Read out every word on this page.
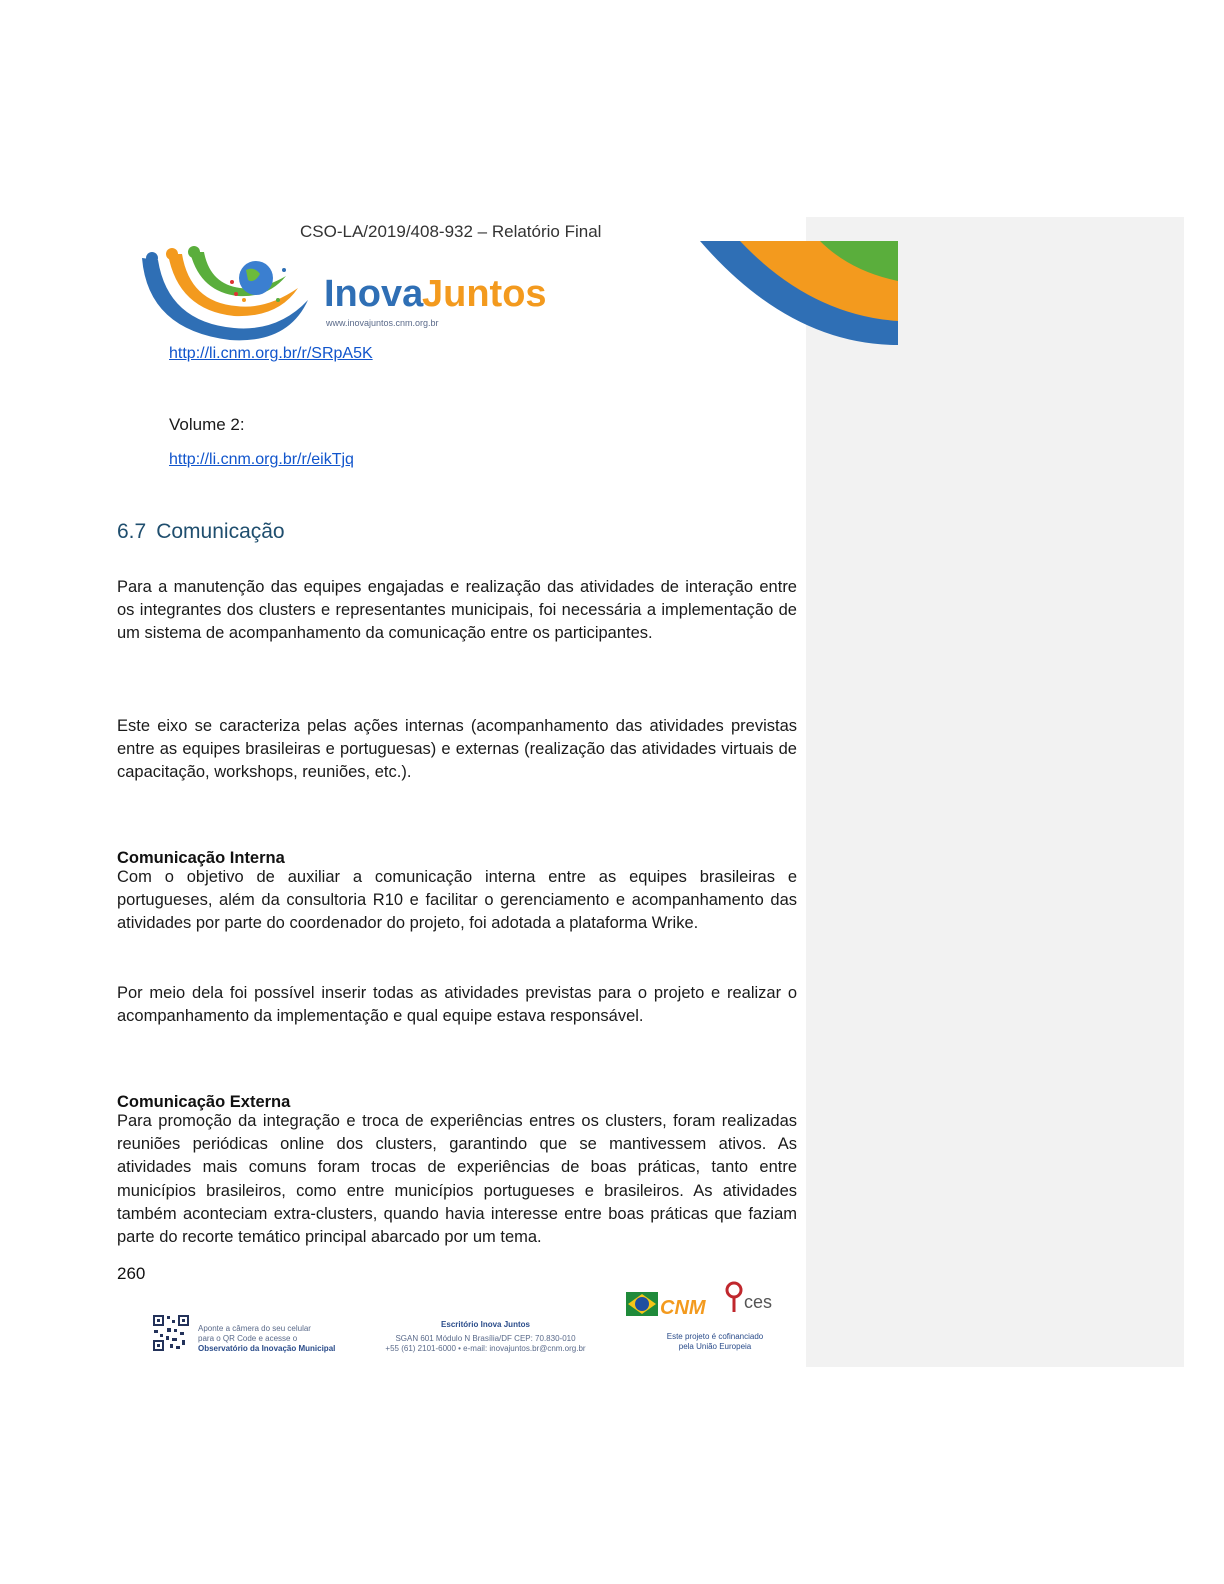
CSO-LA/2019/408-932 – Relatório Final
Inova
Juntos
www.inovajuntos.cnm.org.br
http://li.cnm.org.br/r/SRpA5K
Volume 2:
http://li.cnm.org.br/r/eikTjq
6.7 Comunicação

Para a manutenção das equipes engajadas e realização das atividades de interação entre os integrantes dos clusters e representantes municipais, foi necessária a implementação de um sistema de acompanhamento da comunicação entre os participantes.

Este eixo se caracteriza pelas ações internas (acompanhamento das atividades previstas entre as equipes brasileiras e portuguesas) e externas (realização das atividades virtuais de capacitação, workshops, reuniões, etc.).

Comunicação Interna

Com o objetivo de auxiliar a comunicação interna entre as equipes brasileiras e portugueses, além da consultoria R10 e facilitar o gerenciamento e acompanhamento das atividades por parte do coordenador do projeto, foi adotada a plataforma Wrike.

Por meio dela foi possível inserir todas as atividades previstas para o projeto e realizar o acompanhamento da implementação e qual equipe estava responsável.

Comunicação Externa

Para promoção da integração e troca de experiências entres os clusters, foram realizadas reuniões periódicas online dos clusters, garantindo que se mantivessem ativos. As atividades mais comuns foram trocas de experiências de boas práticas, tanto entre municípios brasileiros, como entre municípios portugueses e brasileiros. As atividades também aconteciam extra-clusters, quando havia interesse entre boas práticas que faziam parte do recorte temático principal abarcado por um tema.

260
Aponte a câmera do seu celular
para o QR Code e acesse o
Observatório da Inovação Municipal
Escritório Inova Juntos
SGAN 601 Módulo N Brasília/DF CEP: 70.830-010
+55 (61) 2101-6000 • e-mail: inovajuntos.br@cnm.org.br
CNM ces
Este projeto é cofinanciado
pela União Europeia
